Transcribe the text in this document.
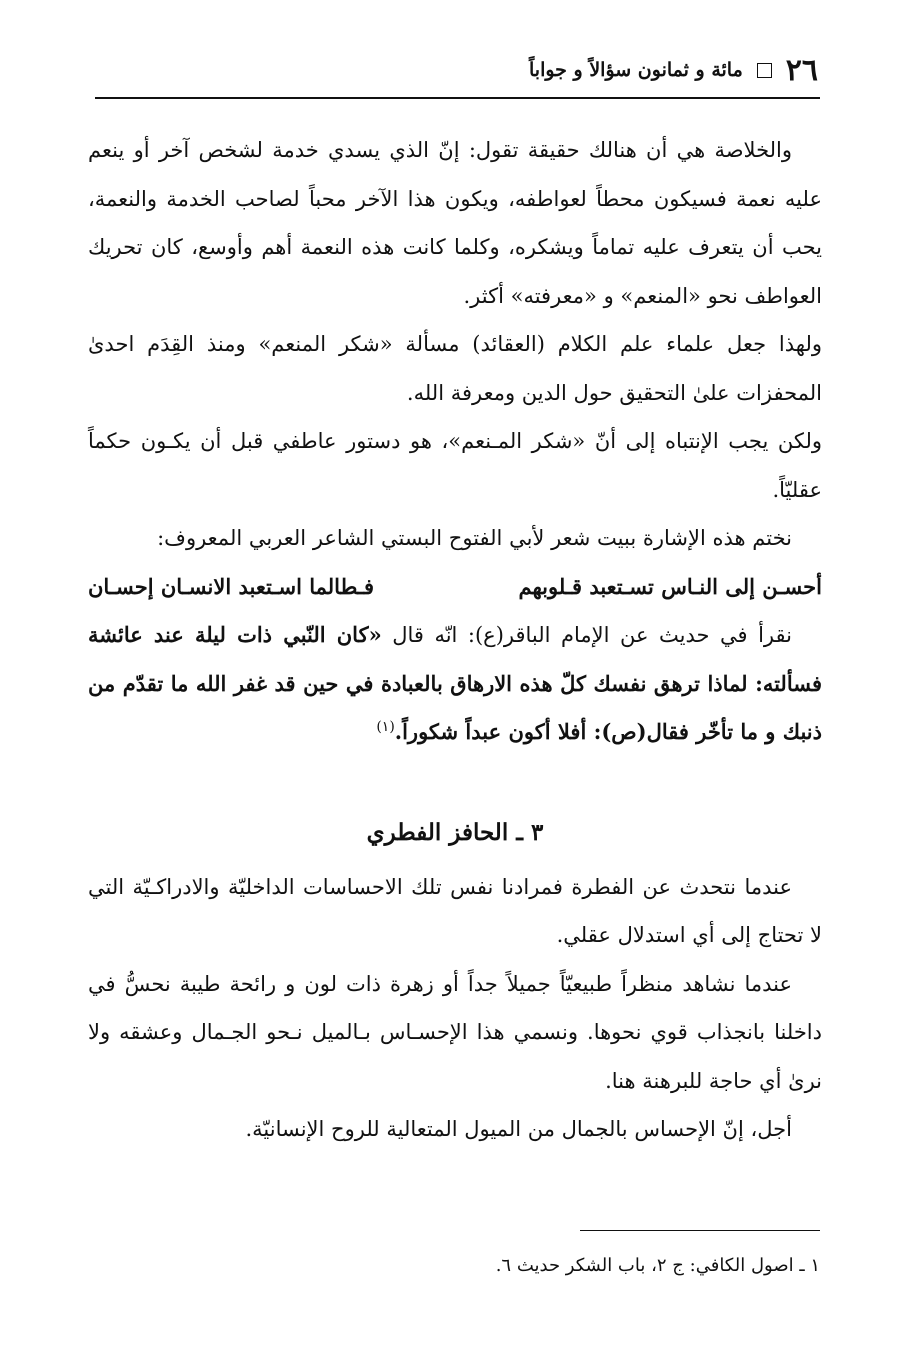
٢٦
مائة و ثمانون سؤالاً و جواباً

والخلاصة هي أن هنالك حقيقة تقول: إنّ الذي يسدي خدمة لشخص آخر أو ينعم عليه نعمة فسيكون محطاً لعواطفه، ويكون هذا الآخر محباً لصاحب الخدمة والنعمة، يحب أن يتعرف عليه تماماً ويشكره، وكلما كانت هذه النعمة أهم وأوسع، كان تحريك العواطف نحو «المنعم» و «معرفته» أكثر.

ولهذا جعل علماء علم الكلام (العقائد) مسألة «شكر المنعم» ومنذ القِدَم احدىٰ المحفزات علىٰ التحقيق حول الدين ومعرفة الله.

ولكن يجب الإنتباه إلى أنّ «شكر المـنعم»، هو دستور عاطفي قبل أن يكـون حكماً عقليّاً.

نختم هذه الإشارة ببيت شعر لأبي الفتوح البستي الشاعر العربي المعروف:

أحسـن إلى النـاس تسـتعبد قـلوبهم
فـطالما اسـتعبد الانسـان إحسـان

نقرأ في حديث عن الإمام الباقر(ع): انّه قال «كان النّبي ذات ليلة عند عائشة فسألته: لماذا ترهق نفسك كلّ هذه الارهاق بالعبادة في حين قد غفر الله ما تقدّم من ذنبك و ما تأخّر فقال(ص): أفلا أكون عبداً شكوراً.$^{(١)}$

٣ ـ الحافز الفطري

عندما نتحدث عن الفطرة فمرادنا نفس تلك الاحساسات الداخليّة والادراكـيّة التي لا تحتاج إلى أي استدلال عقلي.

عندما نشاهد منظراً طبيعيّاً جميلاً جداً أو زهرة ذات لون و رائحة طيبة نحسُّ في داخلنا بانجذاب قوي نحوها. ونسمي هذا الإحسـاس بـالميل نـحو الجـمال وعشقه ولا نرىٰ أي حاجة للبرهنة هنا.

أجل، إنّ الإحساس بالجمال من الميول المتعالية للروح الإنسانيّة.

١ ـ اصول الكافي: ج ٢، باب الشكر حديث ٦.
